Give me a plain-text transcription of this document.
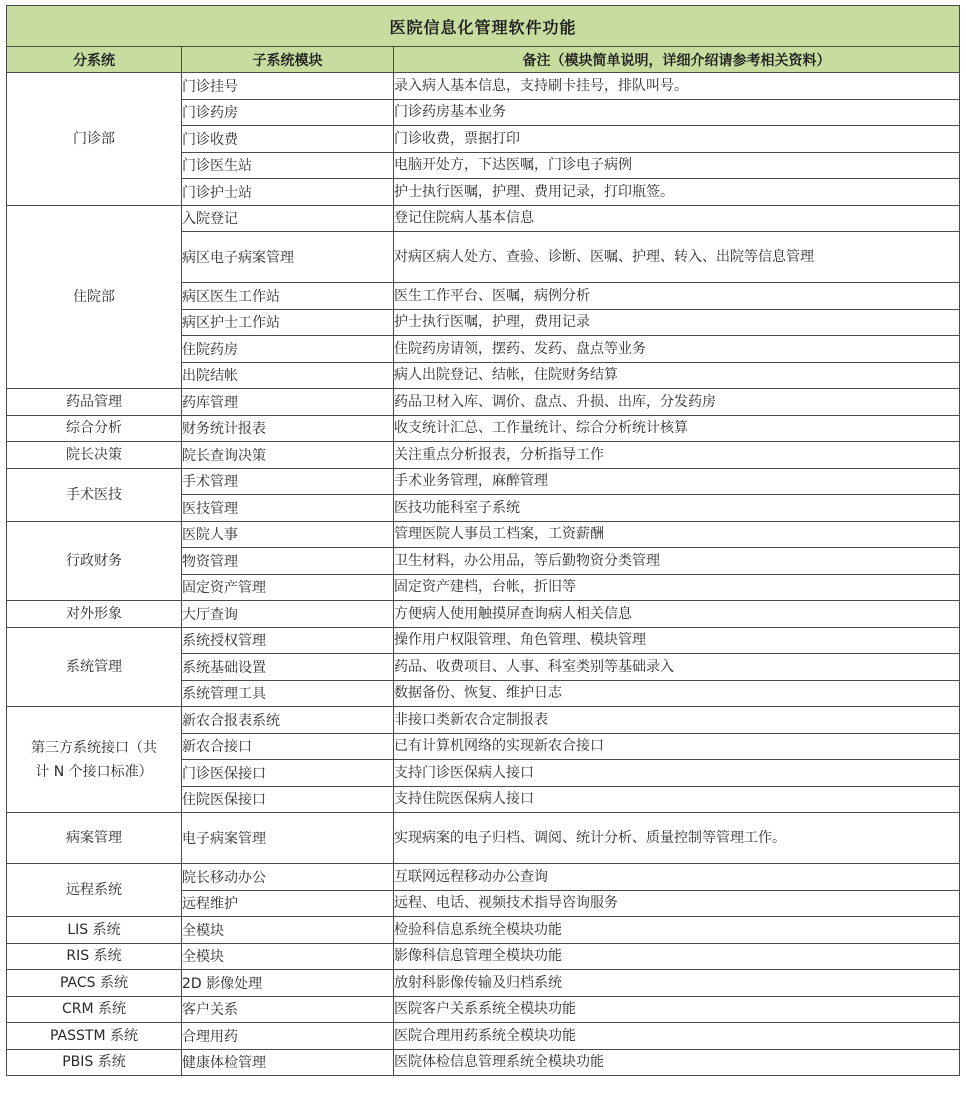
医院信息化管理软件功能		
分系统	子系统模块	备注（模块简单说明，详细介绍请参考相关资料）
门诊部	门诊挂号	录入病人基本信息，支持刷卡挂号，排队叫号。
	门诊药房	门诊药房基本业务
	门诊收费	门诊收费，票据打印
	门诊医生站	电脑开处方，下达医嘱，门诊电子病例
	门诊护士站	护士执行医嘱，护理、费用记录，打印瓶签。
住院部	入院登记	登记住院病人基本信息
	病区电子病案管理	对病区病人处方、查验、诊断、医嘱、护理、转入、出院等信息管理
	病区医生工作站	医生工作平台、医嘱，病例分析
	病区护士工作站	护士执行医嘱，护理，费用记录
	住院药房	住院药房请领，摆药、发药、盘点等业务
	出院结帐	病人出院登记、结帐，住院财务结算
药品管理	药库管理	药品卫材入库、调价、盘点、升损、出库，分发药房
综合分析	财务统计报表	收支统计汇总、工作量统计、综合分析统计核算
院长决策	院长查询决策	关注重点分析报表，分析指导工作
手术医技	手术管理	手术业务管理，麻醉管理
	医技管理	医技功能科室子系统
行政财务	医院人事	管理医院人事员工档案，工资薪酬
	物资管理	卫生材料，办公用品，等后勤物资分类管理
	固定资产管理	固定资产建档，台帐，折旧等
对外形象	大厅查询	方便病人使用触摸屏查询病人相关信息
系统管理	系统授权管理	操作用户权限管理、角色管理、模块管理
	系统基础设置	药品、收费项目、人事、科室类别等基础录入
	系统管理工具	数据备份、恢复、维护日志
第三方系统接口（共计 N 个接口标准）	新农合报表系统	非接口类新农合定制报表
	新农合接口	已有计算机网络的实现新农合接口
	门诊医保接口	支持门诊医保病人接口
	住院医保接口	支持住院医保病人接口
病案管理	电子病案管理	实现病案的电子归档、调阅、统计分析、质量控制等管理工作。
远程系统	院长移动办公	互联网远程移动办公查询
	远程维护	远程、电话、视频技术指导咨询服务
LIS 系统	全模块	检验科信息系统全模块功能
RIS 系统	全模块	影像科信息管理全模块功能
PACS 系统	2D 影像处理	放射科影像传输及归档系统
CRM 系统	客户关系	医院客户关系系统全模块功能
PASSTM 系统	合理用药	医院合理用药系统全模块功能
PBIS 系统	健康体检管理	医院体检信息管理系统全模块功能
